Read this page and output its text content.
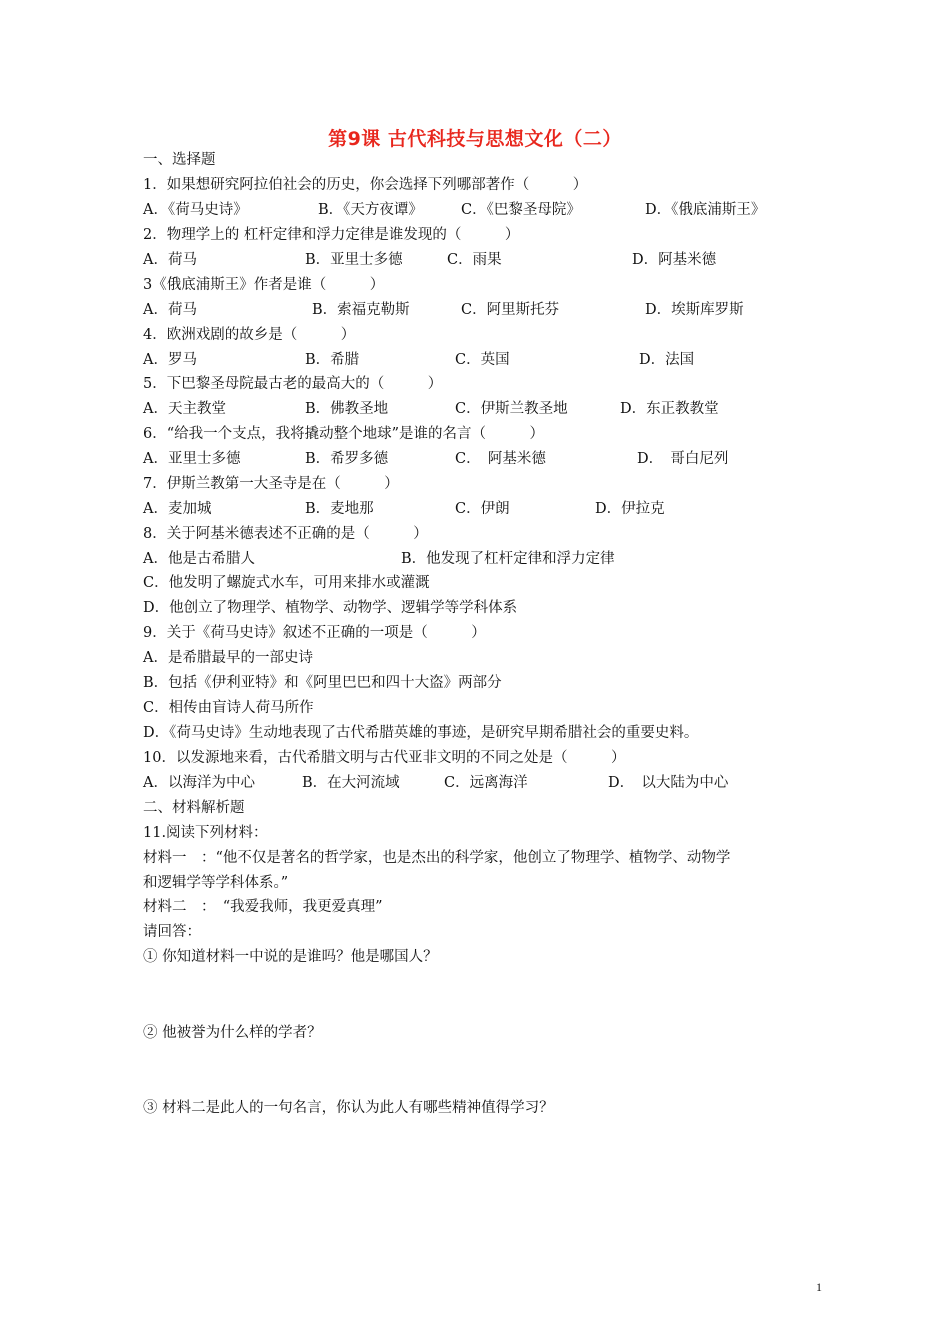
第9课 古代科技与思想文化（二）
一、选择题
1．如果想研究阿拉伯社会的历史，你会选择下列哪部著作（　　　）
A．《荷马史诗》	B．《天方夜谭》	C．《巴黎圣母院》	D．《俄底浦斯王》
2．物理学上的 杠杆定律和浮力定律是谁发现的（　　　）
A．荷马	B．亚里士多德	C．雨果	D．阿基米德
3《俄底浦斯王》作者是谁（　　　）
A．荷马	B．索福克勒斯	C．阿里斯托芬	D．埃斯库罗斯
4．欧洲戏剧的故乡是（　　　）
A．罗马	B．希腊	C．英国	D．法国
5．下巴黎圣母院最古老的最高大的（　　　）
A．天主教堂	B．佛教圣地	C．伊斯兰教圣地	D．东正教教堂
6．“给我一个支点，我将撬动整个地球”是谁的名言（　　　）
A．亚里士多德	B．希罗多德	C．　阿基米德	D．　哥白尼列
7．伊斯兰教第一大圣寺是在（　　　）
A．麦加城	B．麦地那	C．伊朗	D．伊拉克
8．关于阿基米德表述不正确的是（　　　）
A．他是古希腊人	B．他发现了杠杆定律和浮力定律
C．他发明了螺旋式水车，可用来排水或灌溉
D．他创立了物理学、植物学、动物学、逻辑学等学科体系
9．关于《荷马史诗》叙述不正确的一项是（　　　）
A．是希腊最早的一部史诗
B．包括《伊利亚特》和《阿里巴巴和四十大盗》两部分
C．相传由盲诗人荷马所作
D．《荷马史诗》生动地表现了古代希腊英雄的事迹，是研究早期希腊社会的重要史料。
10．以发源地来看，古代希腊文明与古代亚非文明的不同之处是（　　　）
A．以海洋为中心	B．在大河流域	C．远离海洋	D．　以大陆为中心
二、材料解析题
11.阅读下列材料：
材料一　：“他不仅是著名的哲学家，也是杰出的科学家，他创立了物理学、植物学、动物学
和逻辑学等学科体系。”
材料二　：　“我爱我师，我更爱真理”
请回答：
① 你知道材料一中说的是谁吗？他是哪国人？
② 他被誉为什么样的学者？
③ 材料二是此人的一句名言，你认为此人有哪些精神值得学习？
1
